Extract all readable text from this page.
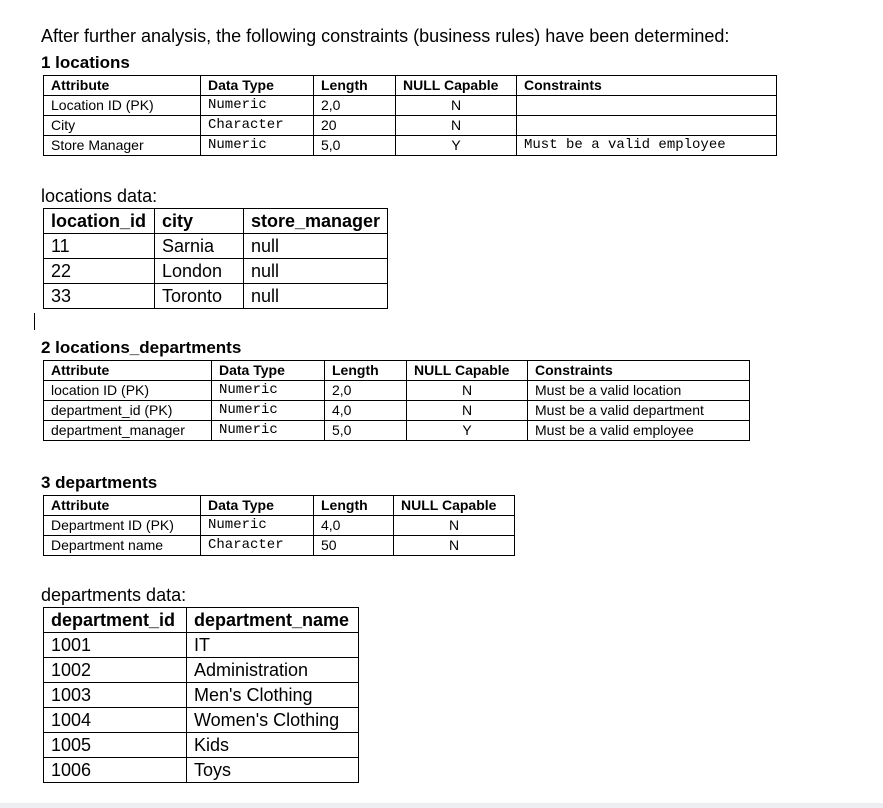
After further analysis, the following constraints (business rules) have been determined:
1 locations
Attribute	Data Type	Length	NULL Capable	Constraints
Location ID (PK)	Numeric	2,0	N	
City	Character	20	N	
Store Manager	Numeric	5,0	Y	Must be a valid employee
locations data:
location_id	city	store_manager
11	Sarnia	null
22	London	null
33	Toronto	null
2 locations_departments
Attribute	Data Type	Length	NULL Capable	Constraints
location ID (PK)	Numeric	2,0	N	Must be a valid location
department_id (PK)	Numeric	4,0	N	Must be a valid department
department_manager	Numeric	5,0	Y	Must be a valid employee
3 departments
Attribute	Data Type	Length	NULL Capable
Department ID (PK)	Numeric	4,0	N
Department name	Character	50	N
departments data:
department_id	department_name
1001	IT
1002	Administration
1003	Men's Clothing
1004	Women's Clothing
1005	Kids
1006	Toys
